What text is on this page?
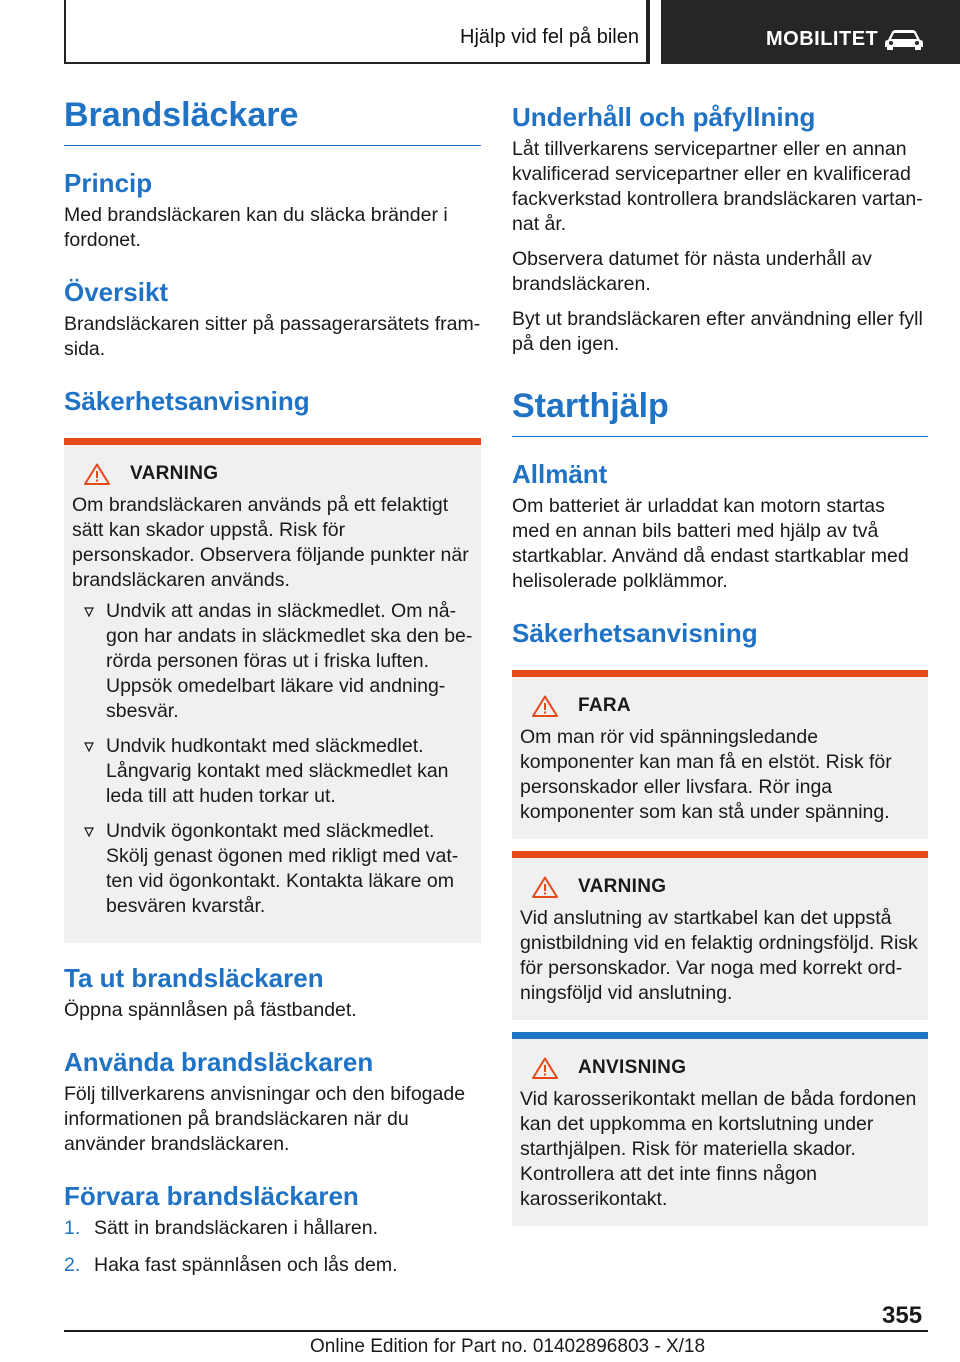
Hjälp vid fel på bilen	MOBILITET
Brandsläckare
Princip

Med brandsläckaren kan du släcka bränder i fordonet.

Översikt

Brandsläckaren sitter på passagerarsätets framsida.

Säkerhetsanvisning
VARNING

Om brandsläckaren används på ett felaktigt sätt kan skador uppstå. Risk för personskador. Observera följande punkter när brandsläckaren används.

Undvik att andas in släckmedlet. Om någon har andats in släckmedlet ska den berörda personen föras ut i friska luften. Uppsök omedelbart läkare vid andningsbesvär.
Undvik hudkontakt med släckmedlet. Långvarig kontakt med släckmedlet kan leda till att huden torkar ut.
Undvik ögonkontakt med släckmedlet. Skölj genast ögonen med rikligt med vatten vid ögonkontakt. Kontakta läkare om besvären kvarstår.
Ta ut brandsläckaren

Öppna spännlåsen på fästbandet.

Använda brandsläckaren

Följ tillverkarens anvisningar och den bifogade informationen på brandsläckaren när du använder brandsläckaren.

Förvara brandsläckaren
1. Sätt in brandsläckaren i hållaren.
2. Haka fast spännlåsen och lås dem.
Underhåll och påfyllning

Låt tillverkarens servicepartner eller en annan kvalificerad servicepartner eller en kvalificerad fackverkstad kontrollera brandsläckaren vartannat år.

Observera datumet för nästa underhåll av brandsläckaren.

Byt ut brandsläckaren efter användning eller fyll på den igen.

Starthjälp
Allmänt

Om batteriet är urladdat kan motorn startas med en annan bils batteri med hjälp av två startkablar. Använd då endast startkablar med helisolerade polklämmor.

Säkerhetsanvisning
FARA

Om man rör vid spänningsledande komponenter kan man få en elstöt. Risk för personskador eller livsfara. Rör inga komponenter som kan stå under spänning.

VARNING

Vid anslutning av startkabel kan det uppstå gnistbildning vid en felaktig ordningsföljd. Risk för personskador. Var noga med korrekt ordningsföljd vid anslutning.

ANVISNING

Vid karosserikontakt mellan de båda fordonen kan det uppkomma en kortslutning under starthjälpen. Risk för materiella skador. Kontrollera att det inte finns någon karosserikontakt.

355
Online Edition for Part no. 01402896803 - X/18
